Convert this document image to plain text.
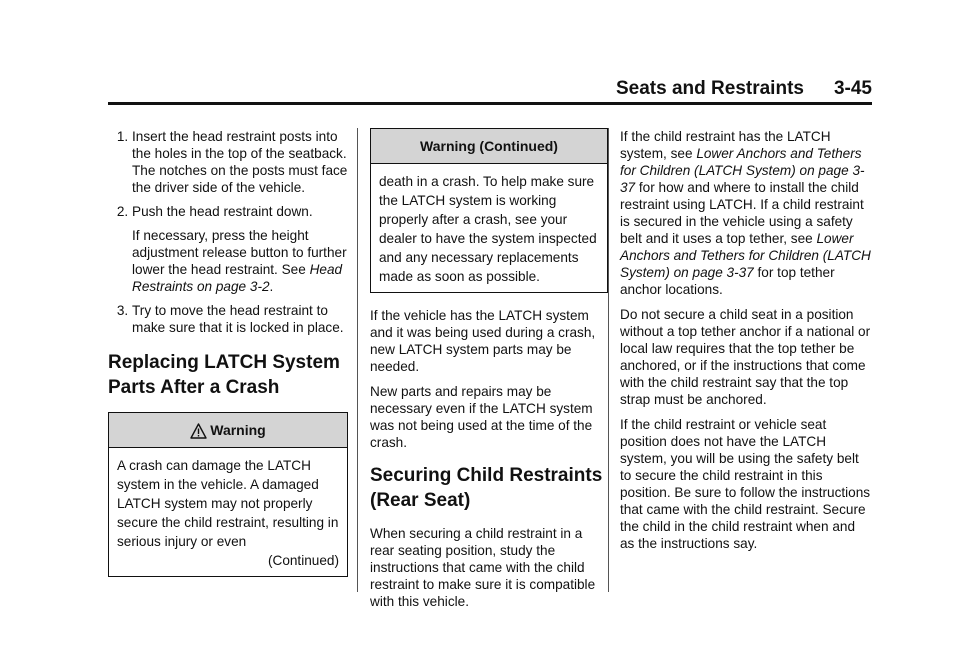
Seats and Restraints 3-45
1. Insert the head restraint posts into the holes in the top of the seatback. The notches on the posts must face the driver side of the vehicle.
2. Push the head restraint down.
If necessary, press the height adjustment release button to further lower the head restraint. See Head Restraints on page 3-2.
3. Try to move the head restraint to make sure that it is locked in place.
Replacing LATCH System Parts After a Crash
Warning
A crash can damage the LATCH system in the vehicle. A damaged LATCH system may not properly secure the child restraint, resulting in serious injury or even
(Continued)
Warning (Continued)
death in a crash. To help make sure the LATCH system is working properly after a crash, see your dealer to have the system inspected and any necessary replacements made as soon as possible.

If the vehicle has the LATCH system and it was being used during a crash, new LATCH system parts may be needed.

New parts and repairs may be necessary even if the LATCH system was not being used at the time of the crash.

Securing Child Restraints (Rear Seat)

When securing a child restraint in a rear seating position, study the instructions that came with the child restraint to make sure it is compatible with this vehicle.

If the child restraint has the LATCH system, see Lower Anchors and Tethers for Children (LATCH System) on page 3-37 for how and where to install the child restraint using LATCH. If a child restraint is secured in the vehicle using a safety belt and it uses a top tether, see Lower Anchors and Tethers for Children (LATCH System) on page 3-37 for top tether anchor locations.

Do not secure a child seat in a position without a top tether anchor if a national or local law requires that the top tether be anchored, or if the instructions that come with the child restraint say that the top strap must be anchored.

If the child restraint or vehicle seat position does not have the LATCH system, you will be using the safety belt to secure the child restraint in this position. Be sure to follow the instructions that came with the child restraint. Secure the child in the child restraint when and as the instructions say.
